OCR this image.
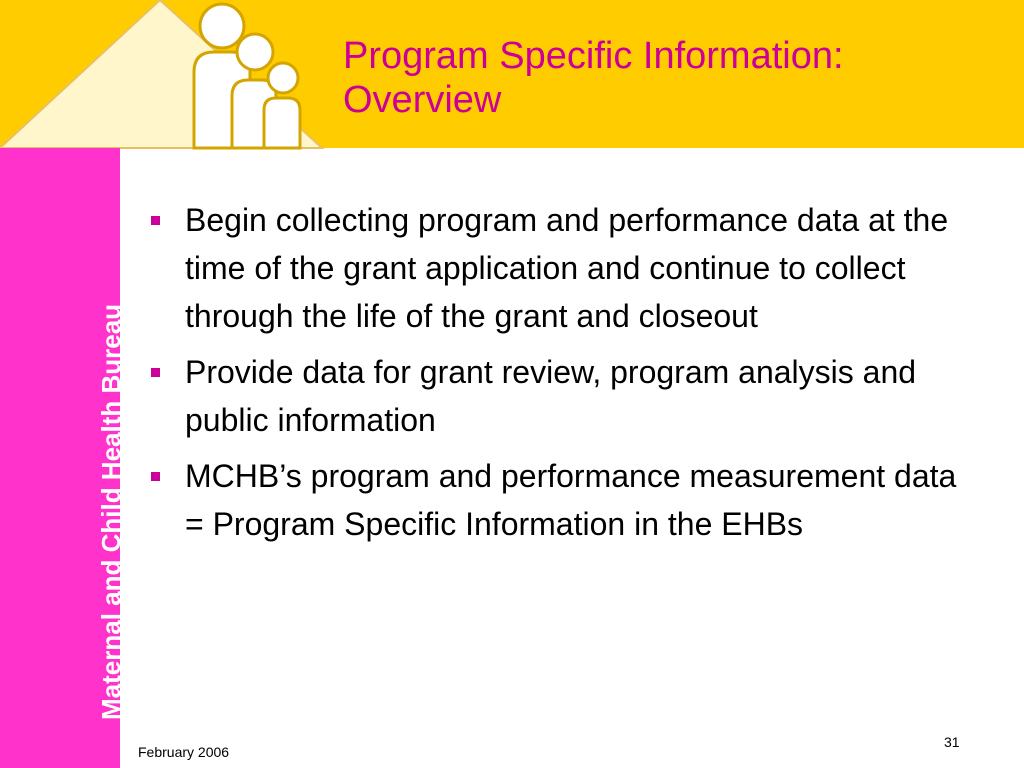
Maternal and Child Health Bureau
Program Specific Information:
Overview
Begin collecting program and performance data at the time of the grant application and continue to collect through the life of the grant and closeout
Provide data for grant review, program analysis and public information
MCHB’s program and performance measurement data = Program Specific Information in the EHBs
February 2006
31
